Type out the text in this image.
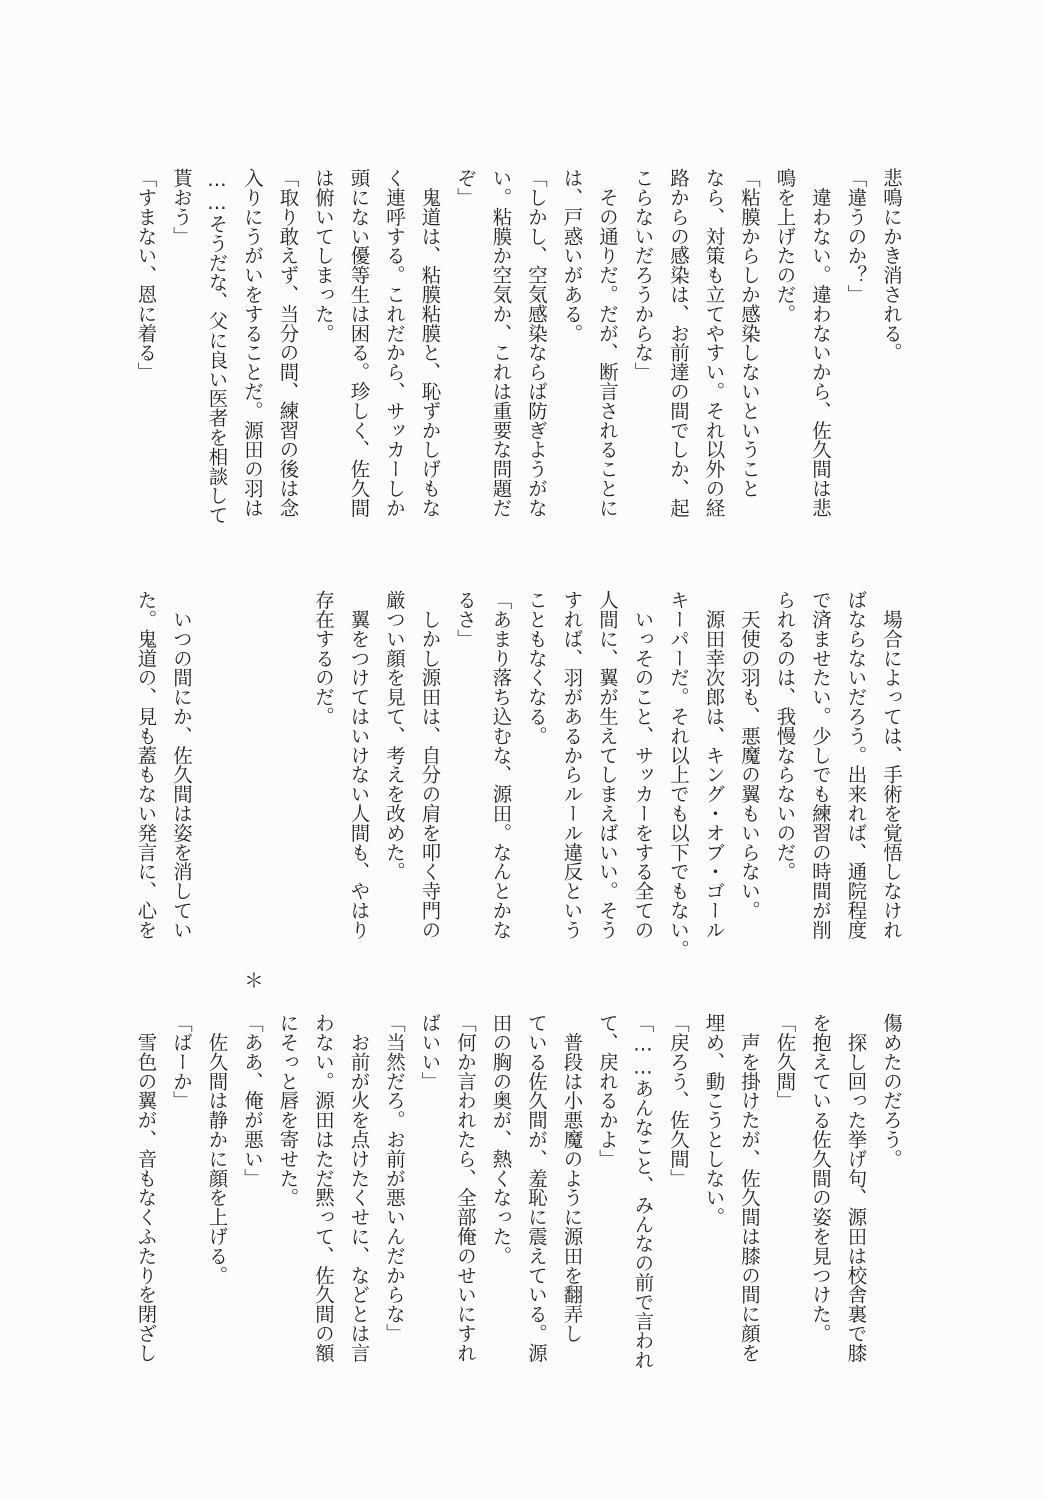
悲鳴にかき消される。
「違うのか？」
　違わない。違わないから、佐久間は悲
鳴を上げたのだ。
「粘膜からしか感染しないということ
なら、対策も立てやすい。それ以外の経
路からの感染は、お前達の間でしか、起
こらないだろうからな」
　その通りだ。だが、断言されることに
は、戸惑いがある。
「しかし、空気感染ならば防ぎようがな
い。粘膜か空気か、これは重要な問題だ
ぞ」
　鬼道は、粘膜粘膜と、恥ずかしげもな
く連呼する。これだから、サッカーしか
頭にない優等生は困る。珍しく、佐久間
は俯いてしまった。
「取り敢えず、当分の間、練習の後は念
入りにうがいをすることだ。源田の羽は
……そうだな、父に良い医者を相談して
貰おう」
「すまない、恩に着る」
　場合によっては、手術を覚悟しなけれ
ばならないだろう。出来れば、通院程度
で済ませたい。少しでも練習の時間が削
られるのは、我慢ならないのだ。
　天使の羽も、悪魔の翼もいらない。
　源田幸次郎は、キング・オブ・ゴール
キーパーだ。それ以上でも以下でもない。
　いっそのこと、サッカーをする全ての
人間に、翼が生えてしまえばいい。そう
すれば、羽があるからルール違反という
こともなくなる。
「あまり落ち込むな、源田。なんとかな
るさ」
　しかし源田は、自分の肩を叩く寺門の
厳つい顔を見て、考えを改めた。
　翼をつけてはいけない人間も、やはり
存在するのだ。
＊
　いつの間にか、佐久間は姿を消してい
た。鬼道の、見も蓋もない発言に、心を
傷めたのだろう。
　探し回った挙げ句、源田は校舎裏で膝
を抱えている佐久間の姿を見つけた。
「佐久間」
　声を掛けたが、佐久間は膝の間に顔を
埋め、動こうとしない。
「戻ろう、佐久間」
「……あんなこと、みんなの前で言われ
て、戻れるかよ」
　普段は小悪魔のように源田を翻弄し
ている佐久間が、羞恥に震えている。源
田の胸の奥が、熱くなった。
「何か言われたら、全部俺のせいにすれ
ばいい」
「当然だろ。お前が悪いんだからな」
　お前が火を点けたくせに、などとは言
わない。源田はただ黙って、佐久間の額
にそっと唇を寄せた。
「ああ、俺が悪い」
　佐久間は静かに顔を上げる。
「ばーか」
　雪色の翼が、音もなくふたりを閉ざし
